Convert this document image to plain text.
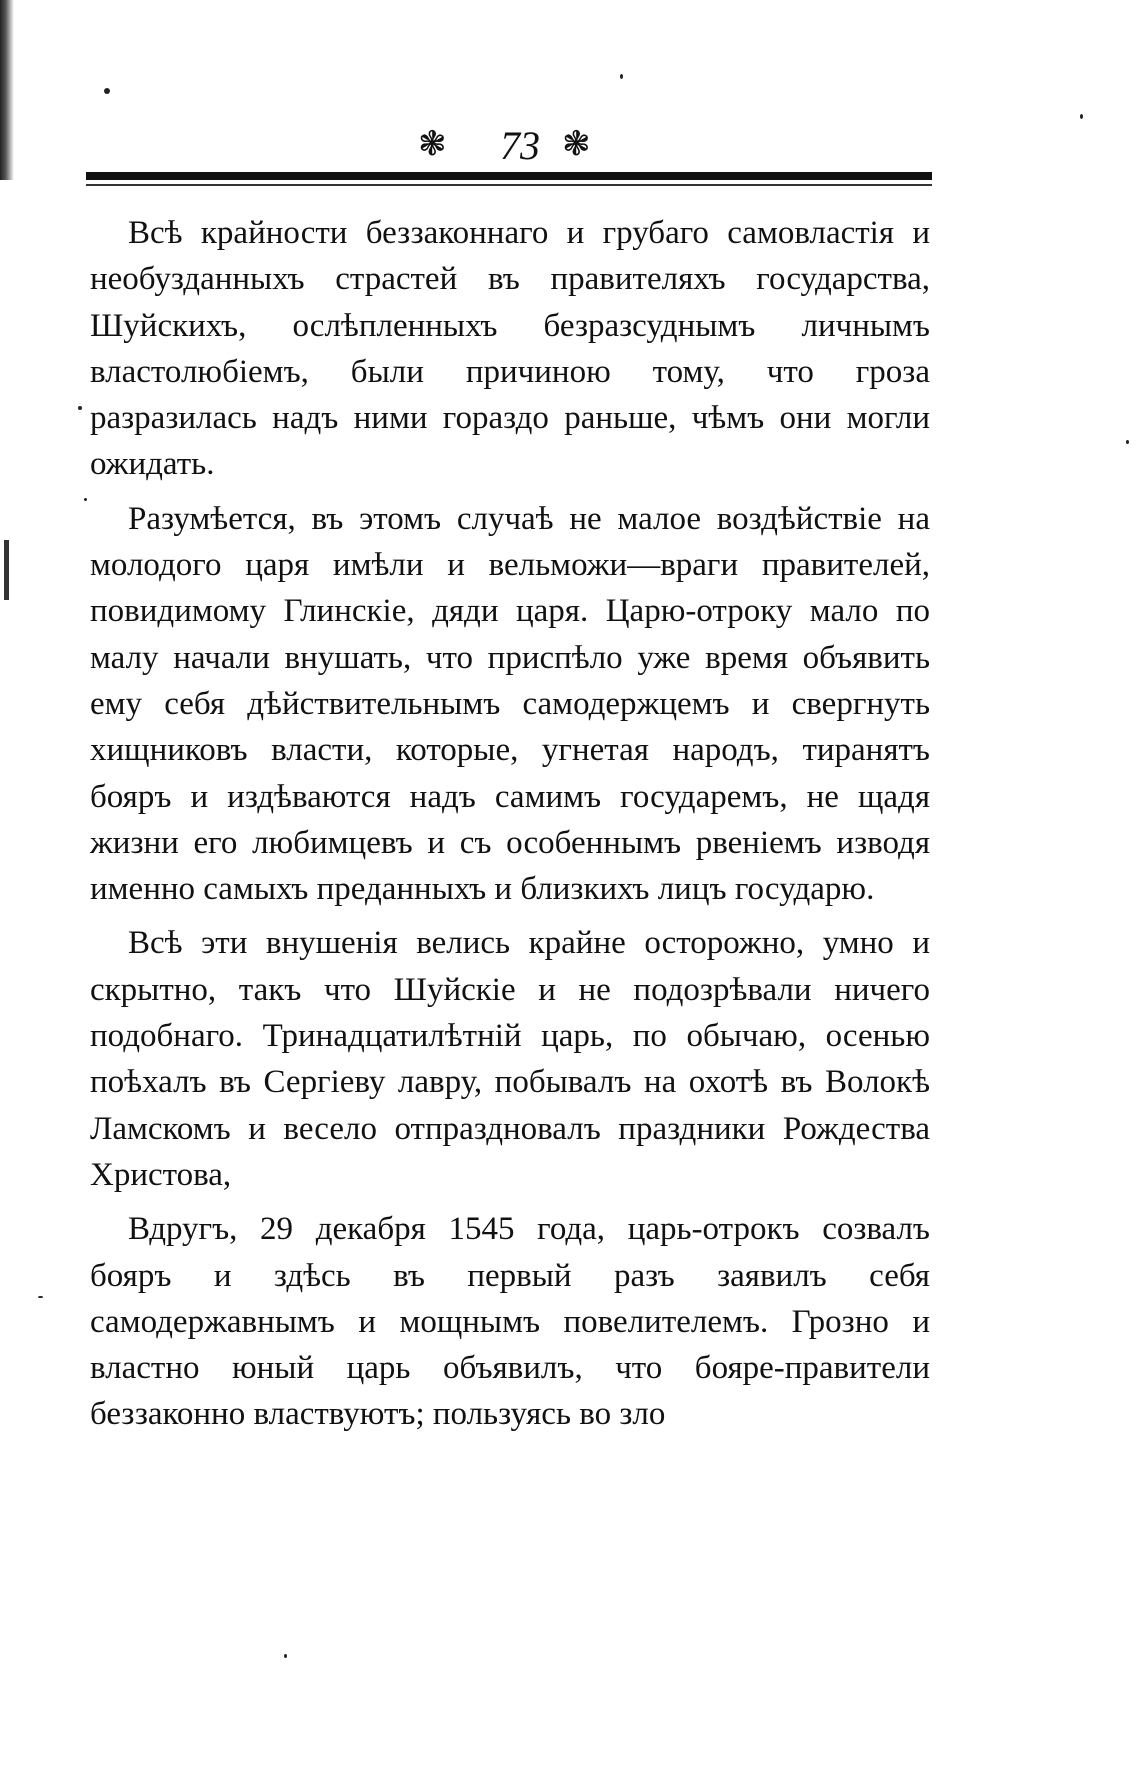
❃ 73 ❃

Всѣ крайности беззаконнаго и грубаго самовластія и необузданныхъ страстей въ правителяхъ государства, Шуйскихъ, ослѣпленныхъ безразсуднымъ личнымъ властолюбіемъ, были причиною тому, что гроза разразилась надъ ними гораздо раньше, чѣмъ они могли ожидать.

Разумѣется, въ этомъ случаѣ не малое воздѣйствіе на молодого царя имѣли и вельможи—враги правителей, повидимому Глинскіе, дяди царя. Царю-отроку мало по малу начали внушать, что приспѣло уже время объявить ему себя дѣйствительнымъ самодержцемъ и свергнуть хищниковъ власти, которые, угнетая народъ, тиранятъ бояръ и издѣваются надъ самимъ государемъ, не щадя жизни его любимцевъ и съ особеннымъ рвеніемъ изводя именно самыхъ преданныхъ и близкихъ лицъ государю.

Всѣ эти внушенія велись крайне осторожно, умно и скрытно, такъ что Шуйскіе и не подозрѣвали ничего подобнаго. Тринадцатилѣтній царь, по обычаю, осенью поѣхалъ въ Сергіеву лавру, побывалъ на охотѣ въ Волокѣ Ламскомъ и весело отпраздновалъ праздники Рождества Христова,

Вдругъ, 29 декабря 1545 года, царь-отрокъ созвалъ бояръ и здѣсь въ первый разъ заявилъ себя самодержавнымъ и мощнымъ повелителемъ. Грозно и властно юный царь объявилъ, что бояре-правители беззаконно властвуютъ; пользуясь во зло
